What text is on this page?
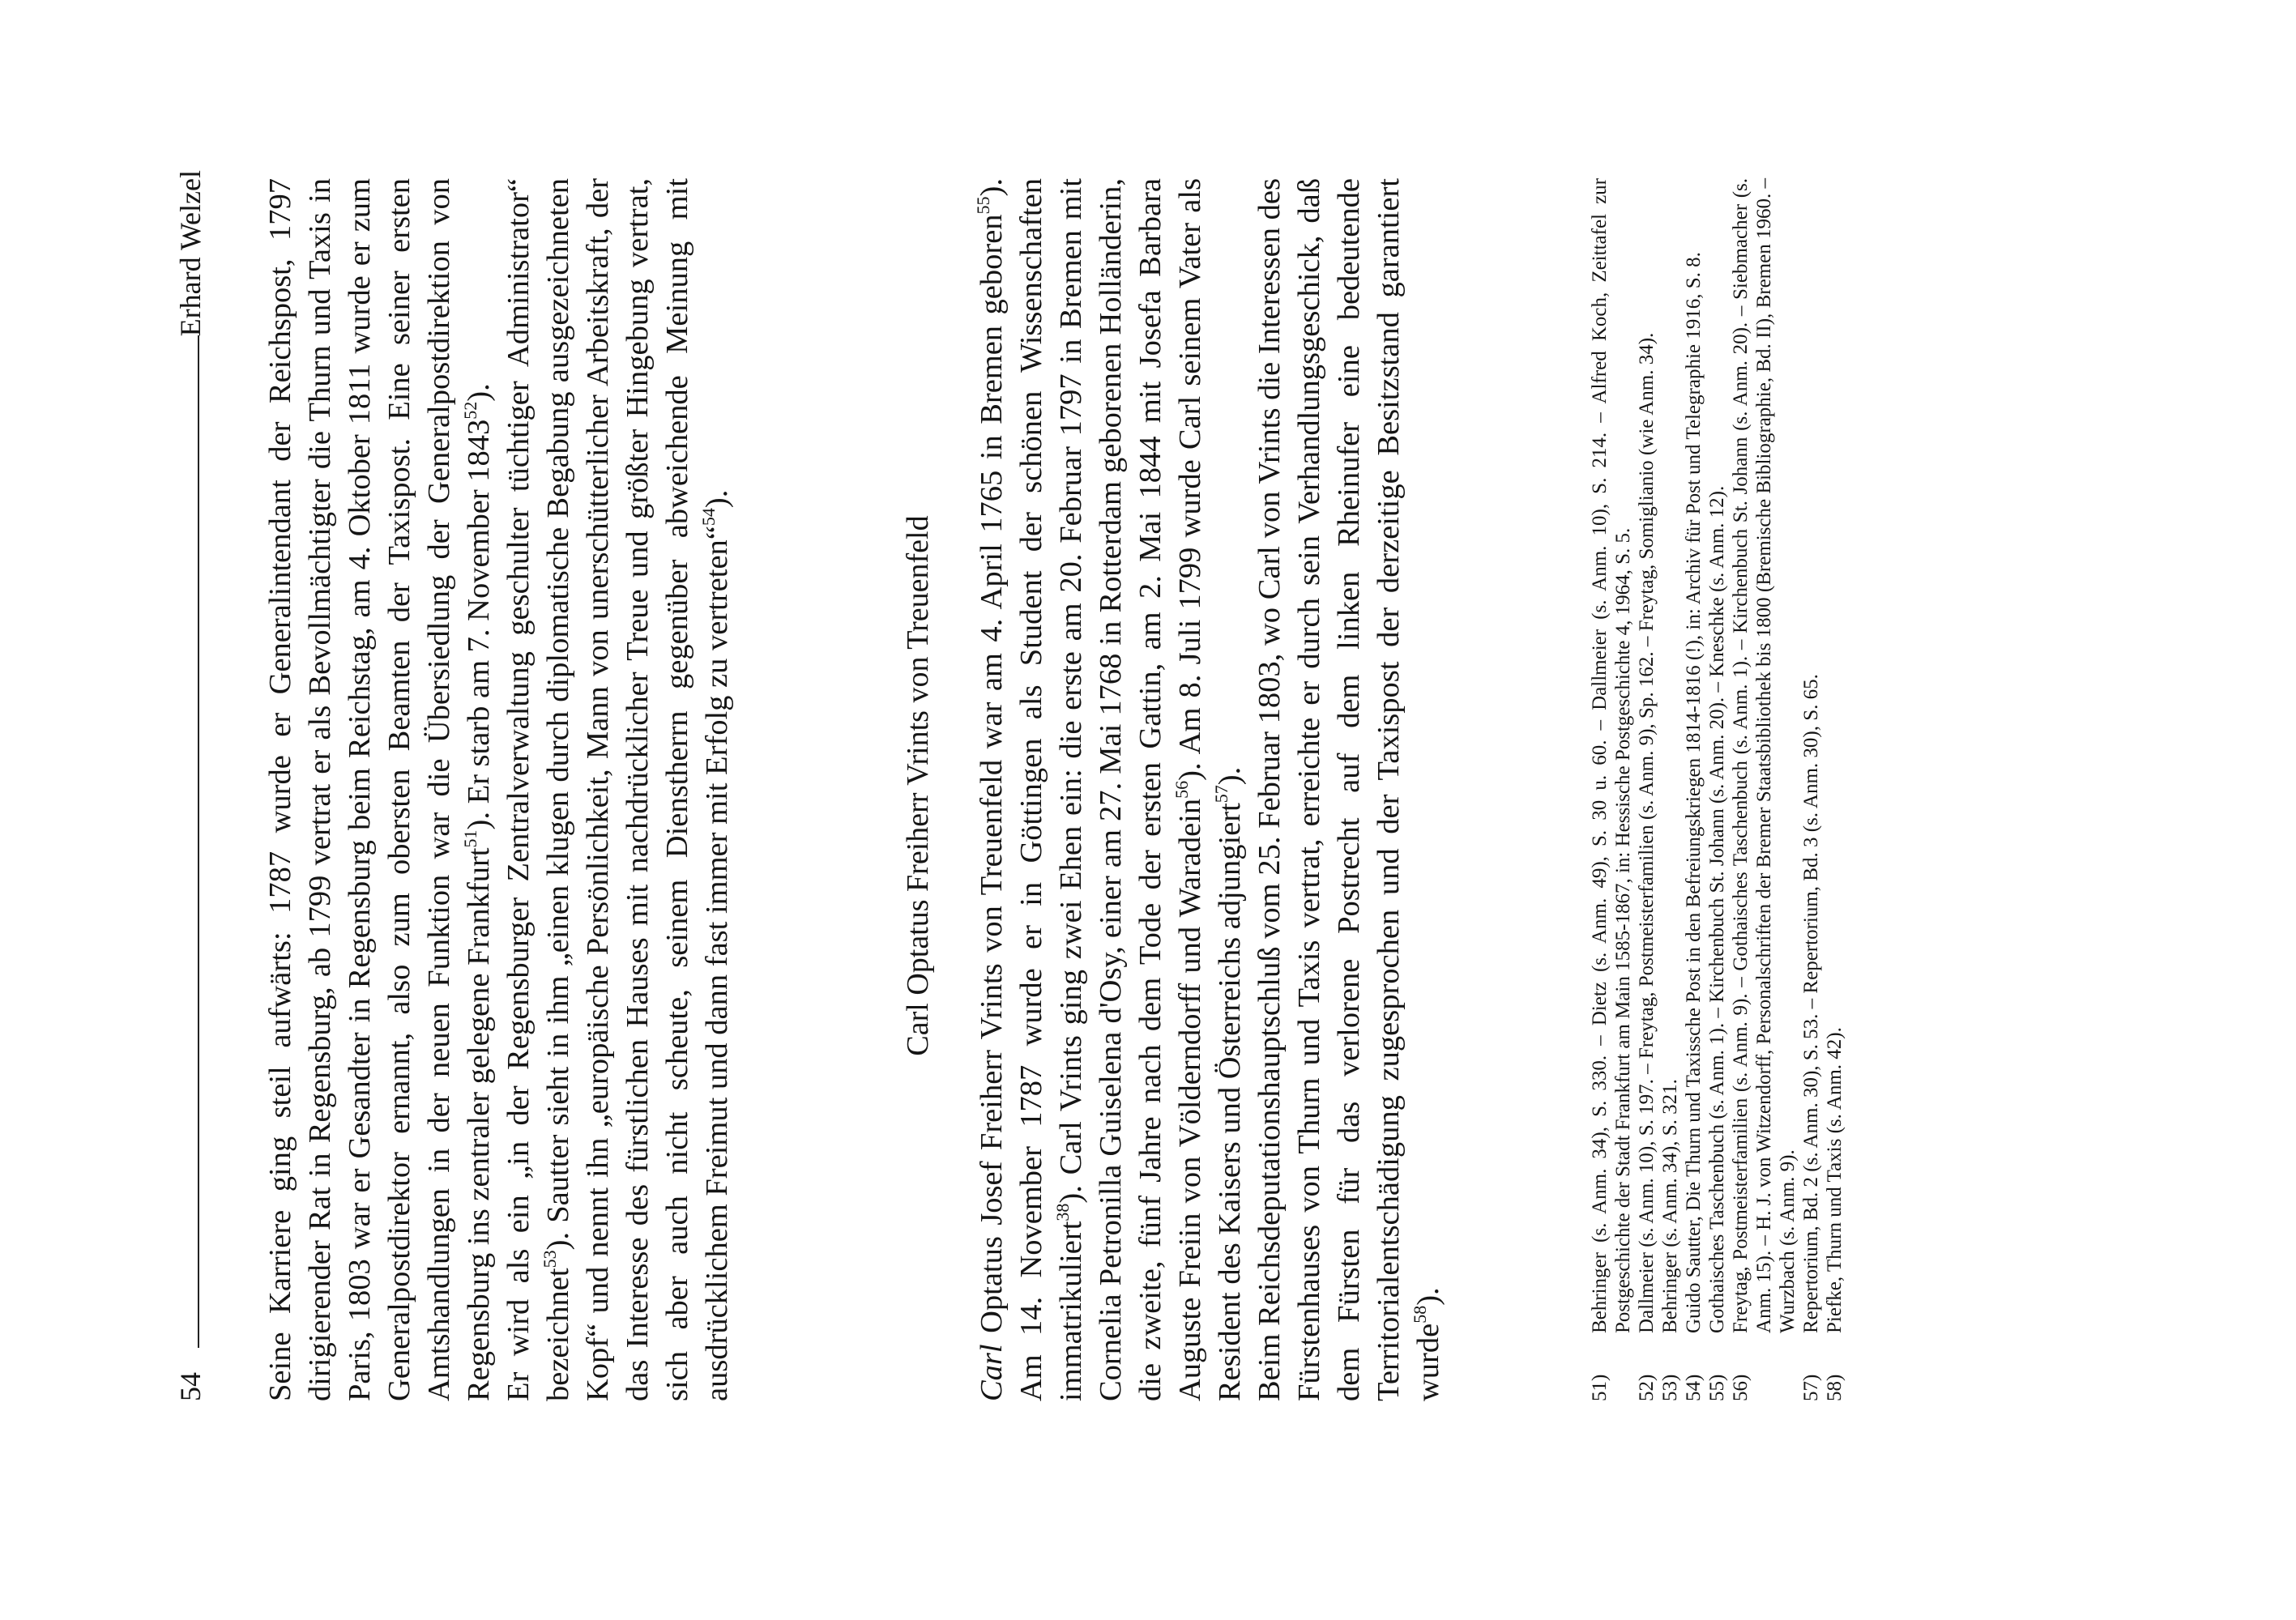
54
Erhard Welzel Seine Karriere ging steil aufwärts: 1787 wurde er Generalintendant der Reichspost, 1797 dirigierender Rat in Regensburg, ab 1799 vertrat er als Bevollmächtigter die Thurn und Taxis in Paris, 1803 war er Gesandter in Regensburg beim Reichstag, am 4. Oktober 1811 wurde er zum Generalpostdirektor ernannt, also zum obersten Beamten der Taxispost. Eine seiner ersten Amtshandlungen in der neuen Funktion war die Übersiedlung der Generalpostdirektion von Regensburg ins zentraler gelegene Frankfurt$^{51}$). Er starb am 7. November 1843$^{52}$). Er wird als ein „in der Regensburger Zentralverwaltung geschulter tüchtiger Administrator“ bezeichnet$^{53}$). Sautter sieht in ihm „einen klugen durch diplomatische Begabung ausgezeichneten Kopf“ und nennt ihn „europäische Persönlichkeit, Mann von unerschütterlicher Arbeitskraft, der das Interesse des fürstlichen Hauses mit nachdrücklicher Treue und größter Hingebung vertrat, sich aber auch nicht scheute, seinem Dienstherrn gegenüber abweichende Meinung mit ausdrücklichem Freimut und dann fast immer mit Erfolg zu vertreten“$^{54}$).

Carl Optatus Freiherr Vrints von Treuenfeld

Carl Optatus Josef Freiherr Vrints von Treuenfeld war am 4. April 1765 in Bremen geboren$^{55}$). Am 14. November 1787 wurde er in Göttingen als Student der schönen Wissenschaften immatrikuliert$^{38}$). Carl Vrints ging zwei Ehen ein: die erste am 20. Februar 1797 in Bremen mit Cornelia Petronilla Guiselena d'Osy, einer am 27. Mai 1768 in Rotterdam geborenen Holländerin, die zweite, fünf Jahre nach dem Tode der ersten Gattin, am 2. Mai 1844 mit Josefa Barbara Auguste Freiin von Völderndorff und Waradein$^{56}$). Am 8. Juli 1799 wurde Carl seinem Vater als Resident des Kaisers und Österreichs adjungiert$^{57}$). Beim Reichsdeputationshauptschluß vom 25. Februar 1803, wo Carl von Vrints die Interessen des Fürstenhauses von Thurn und Taxis vertrat, erreichte er durch sein Verhandlungsgeschick, daß dem Fürsten für das verlorene Postrecht auf dem linken Rheinufer eine bedeutende Territorialentschädigung zugesprochen und der Taxispost der derzeitige Besitzstand garantiert wurde$^{58}$).

51)
Behringer (s. Anm. 34), S. 330. – Dietz (s. Anm. 49), S. 30 u. 60. – Dallmeier (s. Anm. 10), S. 214. – Alfred Koch, Zeittafel zur Postgeschichte der Stadt Frankfurt am Main 1585-1867, in: Hessische Postgeschichte 4, 1964, S. 5.
52)
Dallmeier (s. Anm. 10), S. 197. – Freytag, Postmeisterfamilien (s. Anm. 9), Sp. 162. – Freytag, Somiglianio (wie Anm. 34).
53)
Behringer (s. Anm. 34), S. 321.
54)
Guido Sautter, Die Thurn und Taxissche Post in den Befreiungskriegen 1814-1816 (!), in: Archiv für Post und Telegraphie 1916, S. 8.
55)
Gothaisches Taschenbuch (s. Anm. 1). – Kirchenbuch St. Johann (s. Anm. 20). – Kneschke (s. Anm. 12).
56)
Freytag, Postmeisterfamilien (s. Anm. 9). – Gothaisches Taschenbuch (s. Anm. 1). – Kirchenbuch St. Johann (s. Anm. 20). – Siebmacher (s. Anm. 15). – H. J. von Witzendorff, Personalschriften der Bremer Staatsbibliothek bis 1800 (Bremische Bibliographie, Bd. II), Bremen 1960. – Wurzbach (s. Anm. 9).
57)
Repertorium, Bd. 2 (s. Anm. 30), S. 53. – Repertorium, Bd. 3 (s. Anm. 30), S. 65.
58)
Piefke, Thurn und Taxis (s. Anm. 42).
